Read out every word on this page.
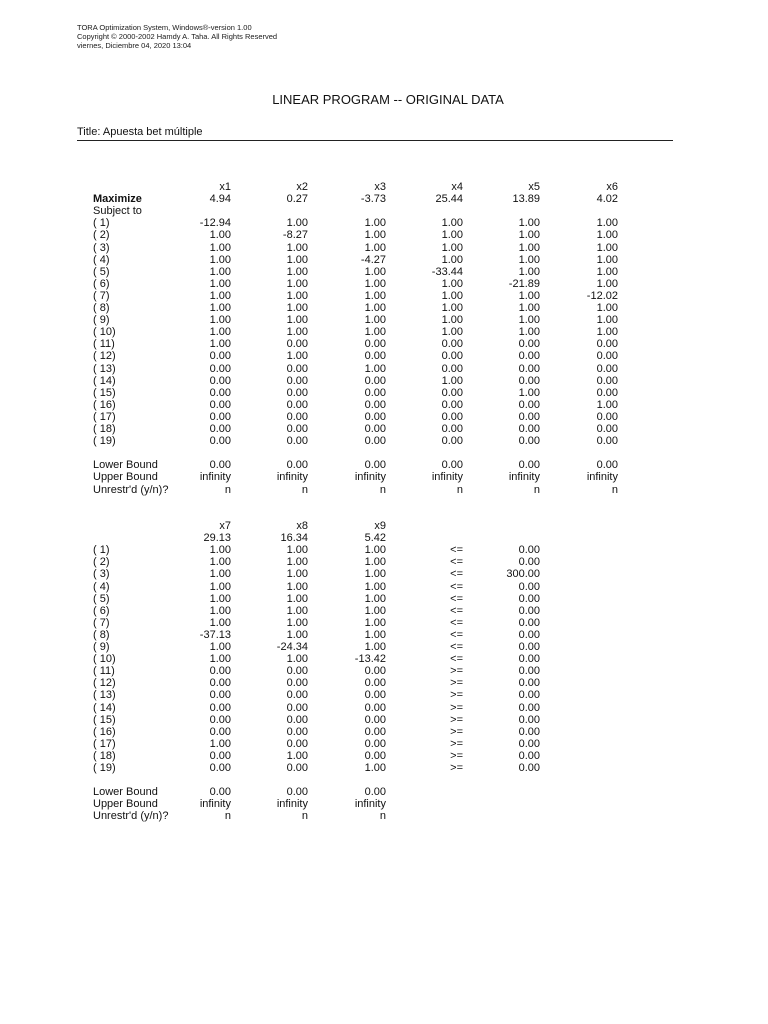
TORA Optimization System, Windows®-version 1.00
Copyright © 2000-2002 Hamdy A. Taha. All Rights Reserved
viernes, Diciembre 04, 2020 13:04
LINEAR PROGRAM -- ORIGINAL DATA
Title: Apuesta bet múltiple
x1	x2	x3	x4	x5	x6
Maximize	4.94	0.27	-3.73	25.44	13.89	4.02
Subject to
( 1)	-12.94	1.00	1.00	1.00	1.00	1.00
( 2)	1.00	-8.27	1.00	1.00	1.00	1.00
( 3)	1.00	1.00	1.00	1.00	1.00	1.00
( 4)	1.00	1.00	-4.27	1.00	1.00	1.00
( 5)	1.00	1.00	1.00	-33.44	1.00	1.00
( 6)	1.00	1.00	1.00	1.00	-21.89	1.00
( 7)	1.00	1.00	1.00	1.00	1.00	-12.02
( 8)	1.00	1.00	1.00	1.00	1.00	1.00
( 9)	1.00	1.00	1.00	1.00	1.00	1.00
( 10)	1.00	1.00	1.00	1.00	1.00	1.00
( 11)	1.00	0.00	0.00	0.00	0.00	0.00
( 12)	0.00	1.00	0.00	0.00	0.00	0.00
( 13)	0.00	0.00	1.00	0.00	0.00	0.00
( 14)	0.00	0.00	0.00	1.00	0.00	0.00
( 15)	0.00	0.00	0.00	0.00	1.00	0.00
( 16)	0.00	0.00	0.00	0.00	0.00	1.00
( 17)	0.00	0.00	0.00	0.00	0.00	0.00
( 18)	0.00	0.00	0.00	0.00	0.00	0.00
( 19)	0.00	0.00	0.00	0.00	0.00	0.00
Lower Bound	0.00	0.00	0.00	0.00	0.00	0.00
Upper Bound	infinity	infinity	infinity	infinity	infinity	infinity
Unrestr'd (y/n)?	n	n	n	n	n	n
x7	x8	x9
29.13	16.34	5.42
( 1)	1.00	1.00	1.00	<=	0.00
( 2)	1.00	1.00	1.00	<=	0.00
( 3)	1.00	1.00	1.00	<=	300.00
( 4)	1.00	1.00	1.00	<=	0.00
( 5)	1.00	1.00	1.00	<=	0.00
( 6)	1.00	1.00	1.00	<=	0.00
( 7)	1.00	1.00	1.00	<=	0.00
( 8)	-37.13	1.00	1.00	<=	0.00
( 9)	1.00	-24.34	1.00	<=	0.00
( 10)	1.00	1.00	-13.42	<=	0.00
( 11)	0.00	0.00	0.00	>=	0.00
( 12)	0.00	0.00	0.00	>=	0.00
( 13)	0.00	0.00	0.00	>=	0.00
( 14)	0.00	0.00	0.00	>=	0.00
( 15)	0.00	0.00	0.00	>=	0.00
( 16)	0.00	0.00	0.00	>=	0.00
( 17)	1.00	0.00	0.00	>=	0.00
( 18)	0.00	1.00	0.00	>=	0.00
( 19)	0.00	0.00	1.00	>=	0.00
Lower Bound	0.00	0.00	0.00
Upper Bound	infinity	infinity	infinity
Unrestr'd (y/n)?	n	n	n
